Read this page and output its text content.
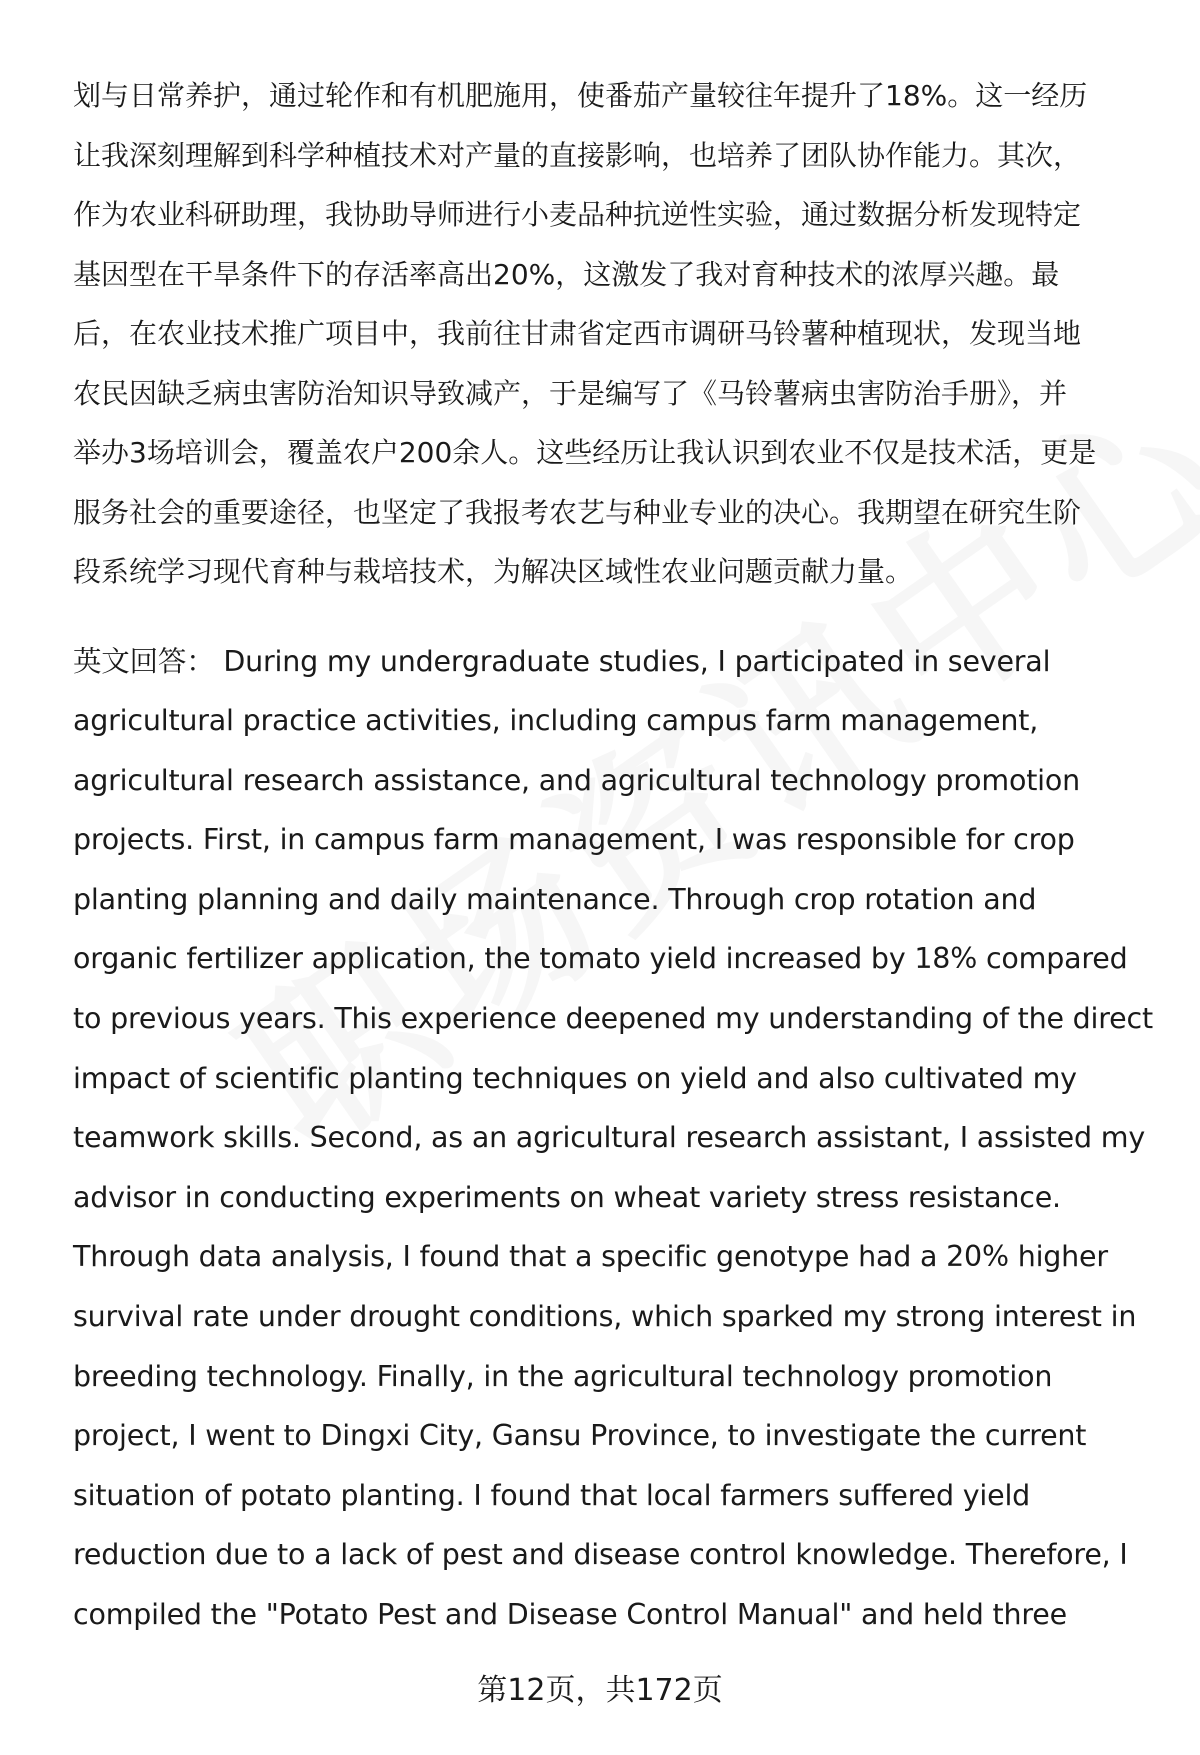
划与日常养护，通过轮作和有机肥施用，使番茄产量较往年提升了18%。这一经历
让我深刻理解到科学种植技术对产量的直接影响，也培养了团队协作能力。其次，
作为农业科研助理，我协助导师进行小麦品种抗逆性实验，通过数据分析发现特定
基因型在干旱条件下的存活率高出20%，这激发了我对育种技术的浓厚兴趣。最
后，在农业技术推广项目中，我前往甘肃省定西市调研马铃薯种植现状，发现当地
农民因缺乏病虫害防治知识导致减产，于是编写了《马铃薯病虫害防治手册》，并
举办3场培训会，覆盖农户200余人。这些经历让我认识到农业不仅是技术活，更是
服务社会的重要途径，也坚定了我报考农艺与种业专业的决心。我期望在研究生阶
段系统学习现代育种与栽培技术，为解决区域性农业问题贡献力量。
英文回答： During my undergraduate studies, I participated in several
agricultural practice activities, including campus farm management,
agricultural research assistance, and agricultural technology promotion
projects. First, in campus farm management, I was responsible for crop
planting planning and daily maintenance. Through crop rotation and
organic fertilizer application, the tomato yield increased by 18% compared
to previous years. This experience deepened my understanding of the direct
impact of scientific planting techniques on yield and also cultivated my
teamwork skills. Second, as an agricultural research assistant, I assisted my
advisor in conducting experiments on wheat variety stress resistance.
Through data analysis, I found that a specific genotype had a 20% higher
survival rate under drought conditions, which sparked my strong interest in
breeding technology. Finally, in the agricultural technology promotion
project, I went to Dingxi City, Gansu Province, to investigate the current
situation of potato planting. I found that local farmers suffered yield
reduction due to a lack of pest and disease control knowledge. Therefore, I
compiled the "Potato Pest and Disease Control Manual" and held three
第12页，共172页
